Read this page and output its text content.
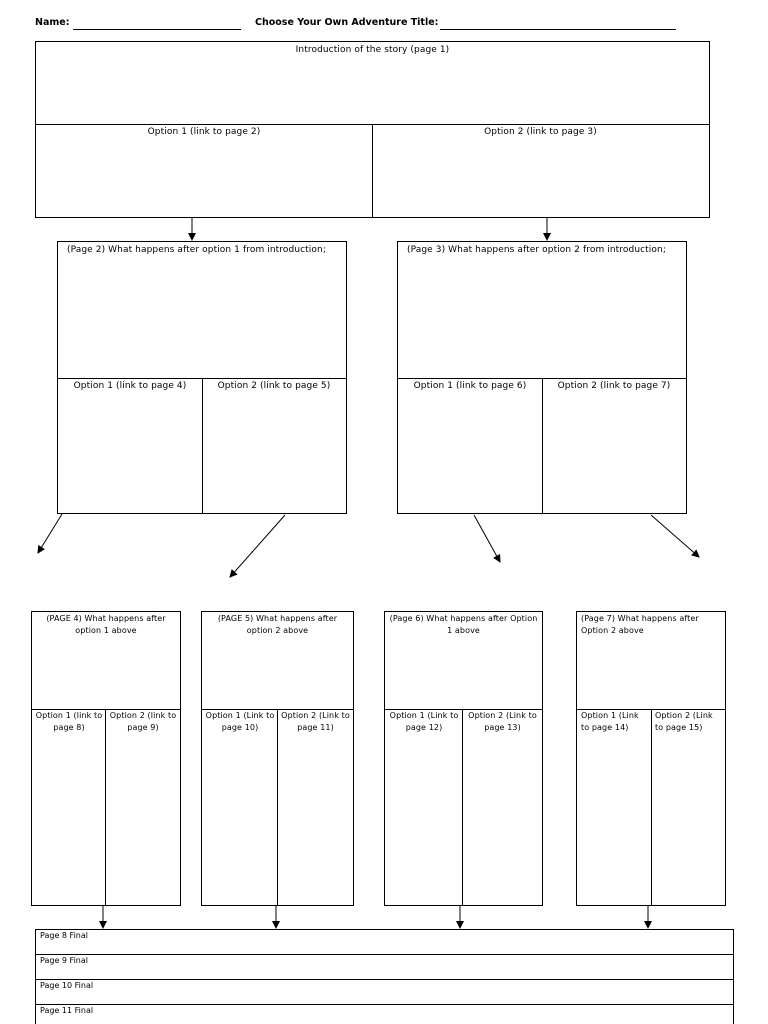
Name:	Choose Your Own Adventure Title:
Introduction of the story (page 1)
Option 1 (link to page 2)	Option 2 (link to page 3)
(Page 2) What happens after option 1 from introduction;
Option 1 (link to page 4)	Option 2 (link to page 5)
(Page 3) What happens after option 2 from introduction;
Option 1 (link to page 6)	Option 2 (link to page 7)
(PAGE 4) What happens after option 1 above
Option 1 (link to page 8)
Option 2 (link to page 9)
(PAGE 5) What happens after option 2 above
Option 1 (Link to page 10)
Option 2 (Link to page 11)
(Page 6) What happens after Option 1 above
Option 1 (Link to page 12)
Option 2 (Link to page 13)
(Page 7) What happens after Option 2 above
Option 1 (Link to page 14)
Option 2 (Link to page 15)
Page 8 Final
Page 9 Final
Page 10 Final
Page 11 Final
